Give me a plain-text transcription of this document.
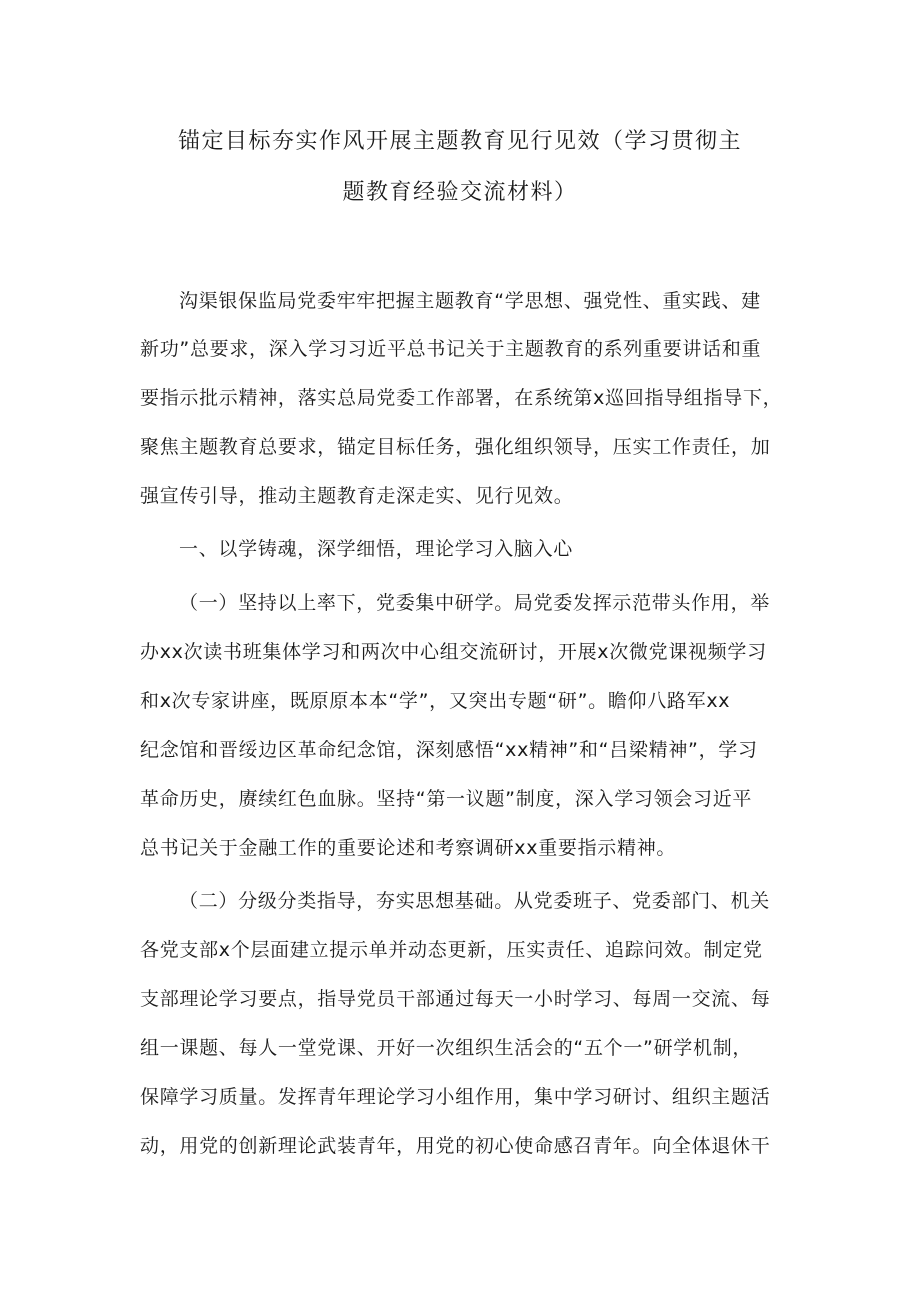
锚定目标夯实作风开展主题教育见行见效（学习贯彻主
题教育经验交流材料）
沟渠银保监局党委牢牢把握主题教育“学思想、强党性、重实践、建
新功”总要求，深入学习习近平总书记关于主题教育的系列重要讲话和重
要指示批示精神，落实总局党委工作部署，在系统第x巡回指导组指导下，
聚焦主题教育总要求，锚定目标任务，强化组织领导，压实工作责任，加
强宣传引导，推动主题教育走深走实、见行见效。
一、以学铸魂，深学细悟，理论学习入脑入心
（一）坚持以上率下，党委集中研学。局党委发挥示范带头作用，举
办xx次读书班集体学习和两次中心组交流研讨，开展x次微党课视频学习
和x次专家讲座，既原原本本“学”，又突出专题“研”。瞻仰八路军xx
纪念馆和晋绥边区革命纪念馆，深刻感悟“xx精神”和“吕梁精神”，学习
革命历史，赓续红色血脉。坚持“第一议题”制度，深入学习领会习近平
总书记关于金融工作的重要论述和考察调研xx重要指示精神。
（二）分级分类指导，夯实思想基础。从党委班子、党委部门、机关
各党支部x个层面建立提示单并动态更新，压实责任、追踪问效。制定党
支部理论学习要点，指导党员干部通过每天一小时学习、每周一交流、每
组一课题、每人一堂党课、开好一次组织生活会的“五个一”研学机制，
保障学习质量。发挥青年理论学习小组作用，集中学习研讨、组织主题活
动，用党的创新理论武装青年，用党的初心使命感召青年。向全体退休干
